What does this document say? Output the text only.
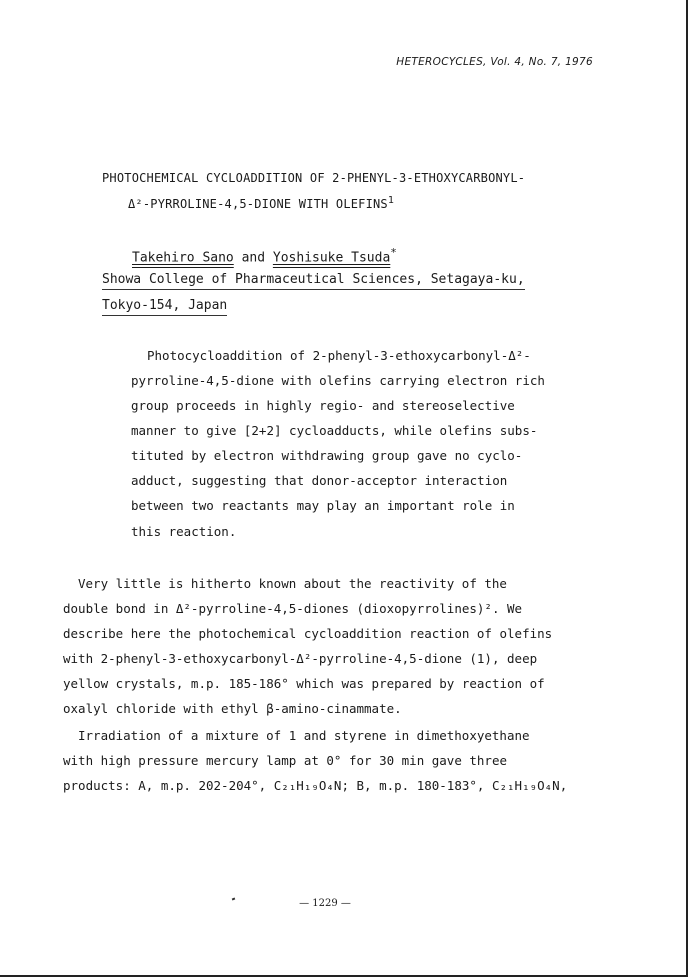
HETEROCYCLES, Vol. 4, No. 7, 1976
PHOTOCHEMICAL CYCLOADDITION OF 2-PHENYL-3-ETHOXYCARBONYL-
Δ²-PYRROLINE-4,5-DIONE WITH OLEFINS$^1$
Takehiro Sano and Yoshisuke Tsuda*
Showa College of Pharmaceutical Sciences, Setagaya-ku,
Tokyo-154, Japan
Photocycloaddition of 2-phenyl-3-ethoxycarbonyl-Δ²-
pyrroline-4,5-dione with olefins carrying electron rich
group proceeds in highly regio- and stereoselective
manner to give [2+2] cycloadducts, while olefins subs-
tituted by electron withdrawing group gave no cyclo-
adduct, suggesting that donor-acceptor interaction
between two reactants may play an important role in
this reaction.
Very little is hitherto known about the reactivity of the
double bond in Δ²-pyrroline-4,5-diones (dioxopyrrolines)². We
describe here the photochemical cycloaddition reaction of olefins
with 2-phenyl-3-ethoxycarbonyl-Δ²-pyrroline-4,5-dione (1), deep
yellow crystals, m.p. 185-186° which was prepared by reaction of
oxalyl chloride with ethyl β-amino-cinammate.
Irradiation of a mixture of 1 and styrene in dimethoxyethane
with high pressure mercury lamp at 0° for 30 min gave three
products: A, m.p. 202-204°, C₂₁H₁₉O₄N; B, m.p. 180-183°, C₂₁H₁₉O₄N,
— 1229 —
